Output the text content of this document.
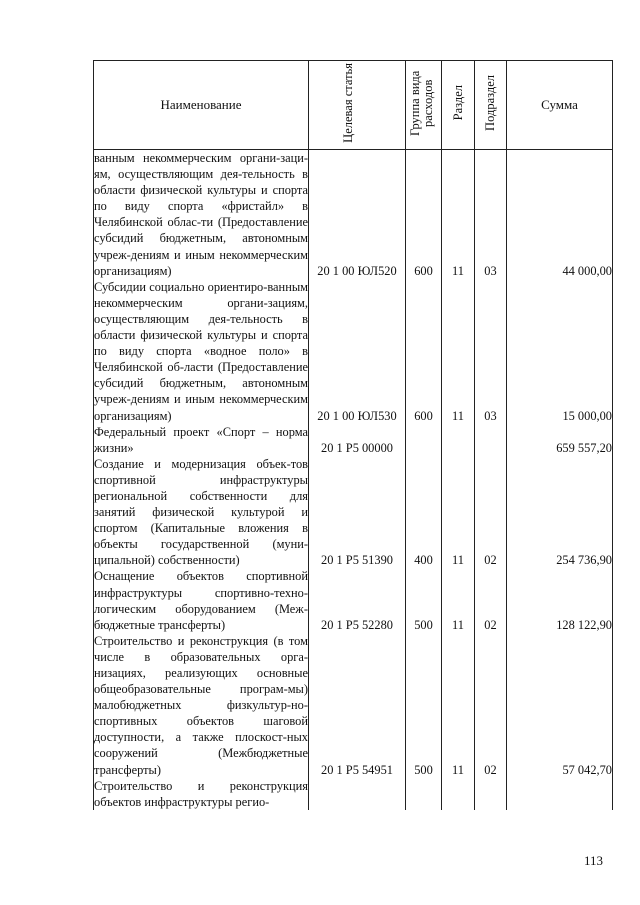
Наименование	Целевая статья	Группа вида расходов	Раздел	Подраздел	Сумма

ванным некоммерческим органи-зациям, осуществляющим дея-тельность в области физической культуры и спорта по виду спорта «фристайл» в Челябинской облас-ти (Предоставление субсидий бюджетным, автономным учреж-дениям и иным некоммерческим организациям)	20 1 00 ЮЛ520	600	11	03	44 000,00

Субсидии социально ориентиро-ванным некоммерческим органи-зациям, осуществляющим дея-тельность в области физической культуры и спорта по виду спорта «водное поло» в Челябинской об-ласти (Предоставление субсидий бюджетным, автономным учреж-дениям и иным некоммерческим организациям)	20 1 00 ЮЛ530	600	11	03	15 000,00

Федеральный проект «Спорт – норма жизни»	20 1 Р5 00000				659 557,20

Создание и модернизация объек-тов спортивной инфраструктуры региональной собственности для занятий физической культурой и спортом (Капитальные вложения в объекты государственной (муни-ципальной) собственности)	20 1 Р5 51390	400	11	02	254 736,90

Оснащение объектов спортивной инфраструктуры спортивно-техно-логическим оборудованием (Меж-бюджетные трансферты)	20 1 Р5 52280	500	11	02	128 122,90

Строительство и реконструкция (в том числе в образовательных орга-низациях, реализующих основные общеобразовательные програм-мы) малобюджетных физкультур-но-спортивных объектов шаговой доступности, а также плоскост-ных сооружений (Межбюджетные трансферты)	20 1 Р5 54951	500	11	02	57 042,70

Строительство и реконструкция объектов инфраструктуры регио-					

113
